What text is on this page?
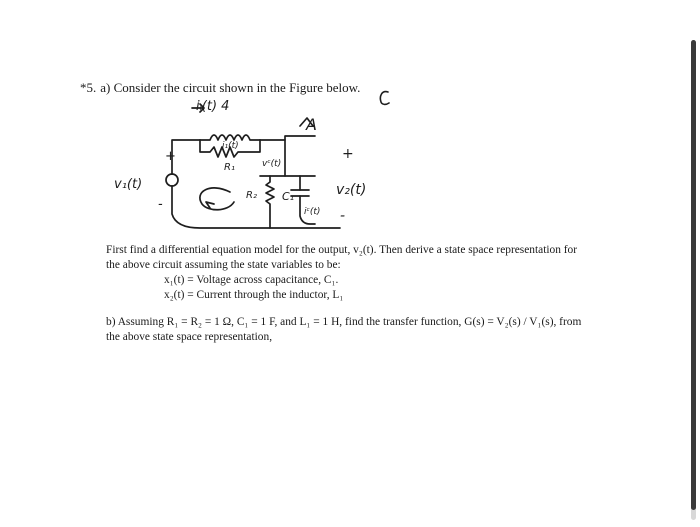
*5. a) Consider the circuit shown in the Figure below.
v₁(t)
+
-
iₗ(t) 4
i₁(t)
R₁
A
vᶜ(t)
R₂ C₁
iᶜ(t)
+
v₂(t)
-
First find a differential equation model for the output, v₂(t). Then derive a state space representation for
the above circuit assuming the state variables to be:
x₁(t) = Voltage across capacitance, C₁.
x₂(t) = Current through the inductor, L₁
b) Assuming R₁ = R₂ = 1 Ω, C₁ = 1 F, and L₁ = 1 H, find the transfer function, G(s) = V₂(s) / V₁(s), from
the above state space representation,
